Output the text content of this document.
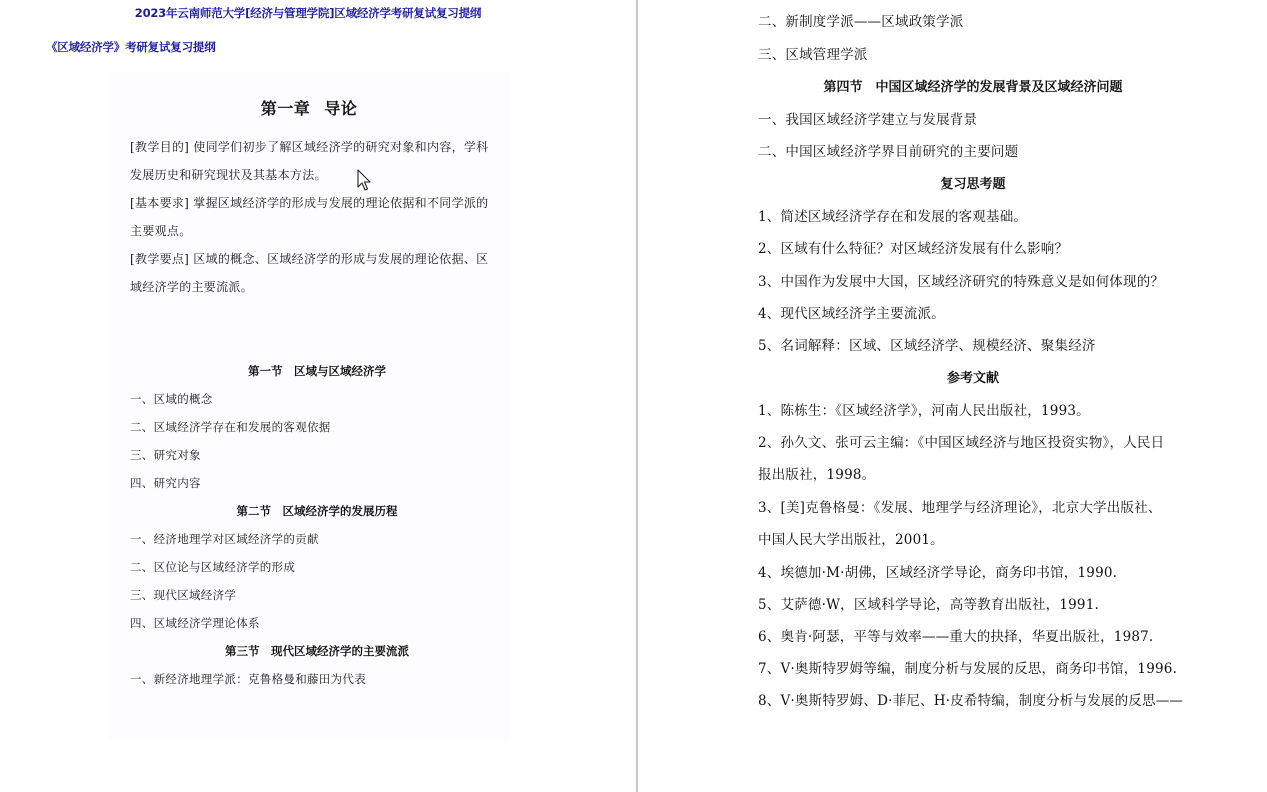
2023年云南师范大学[经济与管理学院]区域经济学考研复试复习提纲
《区域经济学》考研复试复习提纲
第一章 导论
[教学目的] 使同学们初步了解区域经济学的研究对象和内容，学科
发展历史和研究现状及其基本方法。
[基本要求] 掌握区域经济学的形成与发展的理论依据和不同学派的
主要观点。
[教学要点] 区域的概念、区域经济学的形成与发展的理论依据、区
域经济学的主要流派。
第一节　区域与区域经济学
一、区域的概念
二、区域经济学存在和发展的客观依据
三、研究对象
四、研究内容
第二节　区域经济学的发展历程
一、经济地理学对区域经济学的贡献
二、区位论与区域经济学的形成
三、现代区域经济学
四、区域经济学理论体系
第三节　现代区域经济学的主要流派
一、新经济地理学派：克鲁格曼和藤田为代表
二、新制度学派——区域政策学派
三、区域管理学派
第四节　中国区域经济学的发展背景及区域经济问题
一、我国区域经济学建立与发展背景
二、中国区域经济学界目前研究的主要问题
复习思考题
1、简述区域经济学存在和发展的客观基础。
2、区域有什么特征？对区域经济发展有什么影响？
3、中国作为发展中大国，区域经济研究的特殊意义是如何体现的？
4、现代区域经济学主要流派。
5、名词解释：区域、区域经济学、规模经济、聚集经济
参考文献
1、陈栋生：《区域经济学》，河南人民出版社，1993。
2、孙久文、张可云主编：《中国区域经济与地区投资实物》，人民日
报出版社，1998。
3、[美]克鲁格曼：《发展、地理学与经济理论》，北京大学出版社、
中国人民大学出版社，2001。
4、埃德加·M·胡佛，区域经济学导论，商务印书馆，1990.
5、艾萨德·W，区域科学导论，高等教育出版社，1991.
6、奥肯·阿瑟，平等与效率——重大的抉择，华夏出版社，1987.
7、V·奥斯特罗姆等编，制度分析与发展的反思，商务印书馆，1996.
8、V·奥斯特罗姆、D·菲尼、H·皮希特编，制度分析与发展的反思——
